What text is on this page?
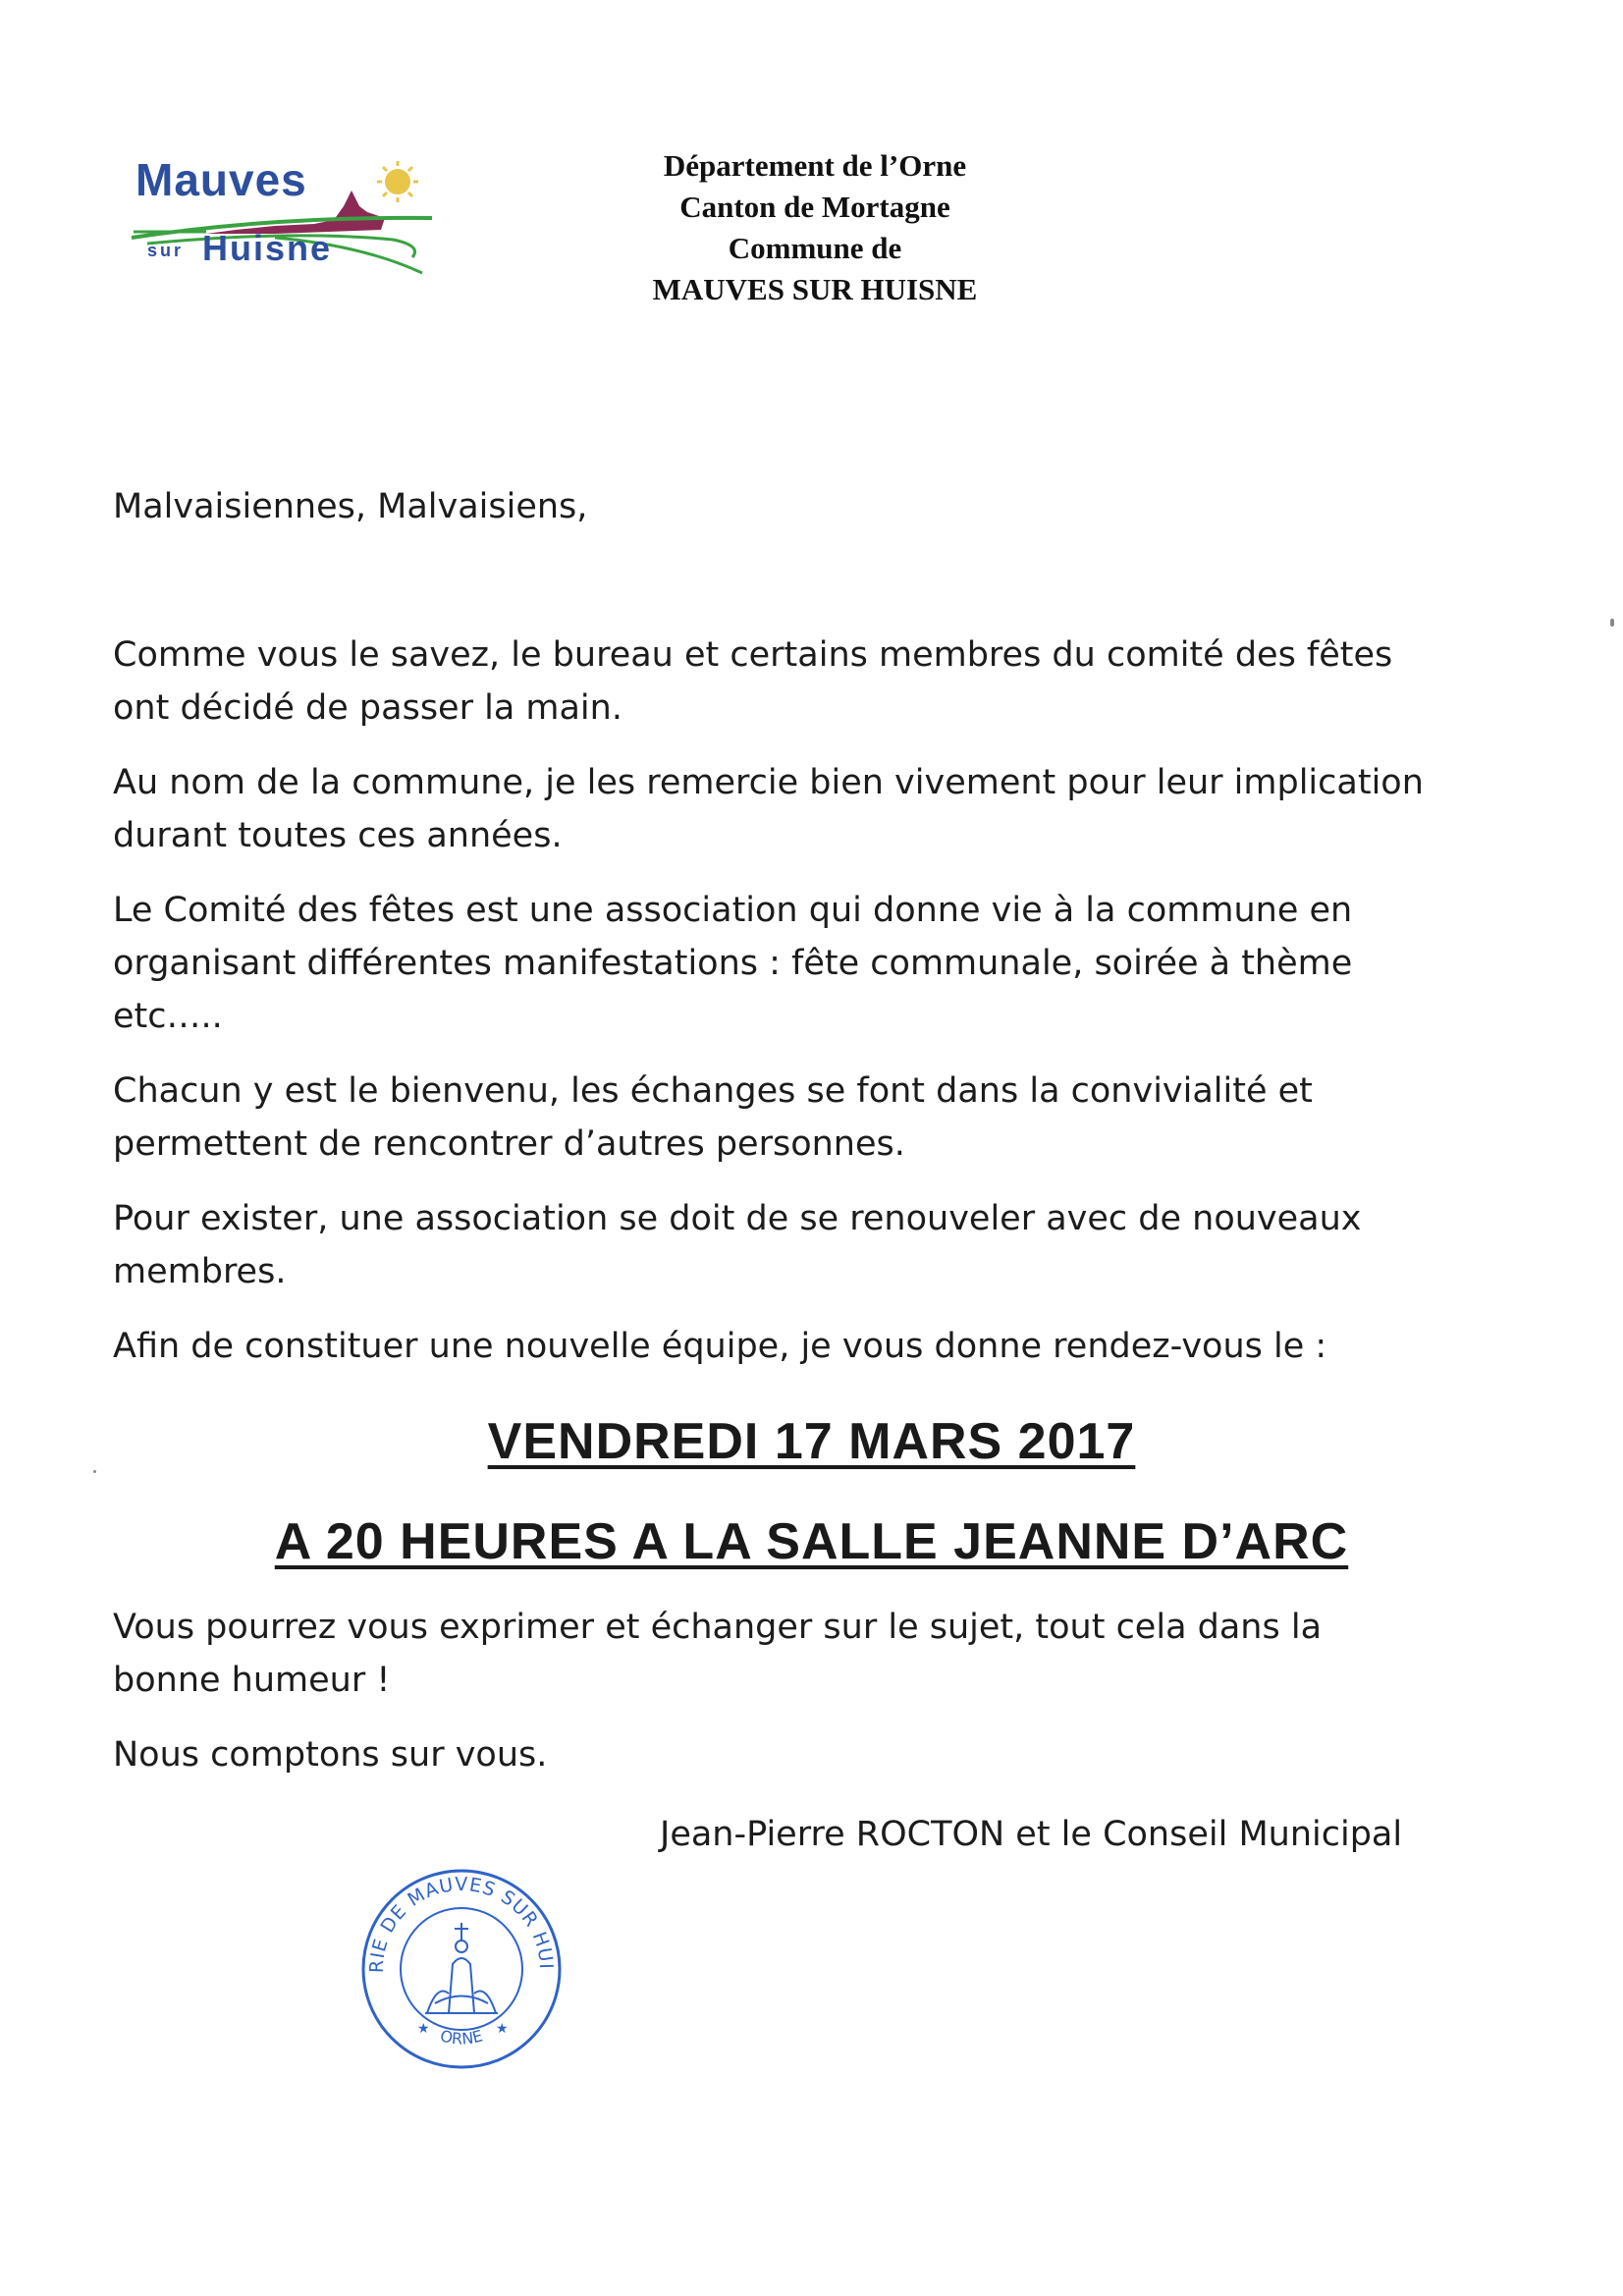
Mauves
sur Huisne
Département de l’Orne
Canton de Mortagne
Commune de
MAUVES SUR HUISNE
Malvaisiennes, Malvaisiens,

Comme vous le savez, le bureau et certains membres du comité des fêtes
ont décidé de passer la main.

Au nom de la commune, je les remercie bien vivement pour leur implication
durant toutes ces années.

Le Comité des fêtes est une association qui donne vie à la commune en
organisant différentes manifestations : fête communale, soirée à thème
etc…..

Chacun y est le bienvenu, les échanges se font dans la convivialité et
permettent de rencontrer d’autres personnes.

Pour exister, une association se doit de se renouveler avec de nouveaux
membres.

Afin de constituer une nouvelle équipe, je vous donne rendez-vous le :

VENDREDI 17 MARS 2017
A 20 HEURES A LA SALLE JEANNE D’ARC

Vous pourrez vous exprimer et échanger sur le sujet, tout cela dans la
bonne humeur !

Nous comptons sur vous.

Jean-Pierre ROCTON et le Conseil Municipal
RIE DE MAUVES SUR HUI
ORNE
★	★
